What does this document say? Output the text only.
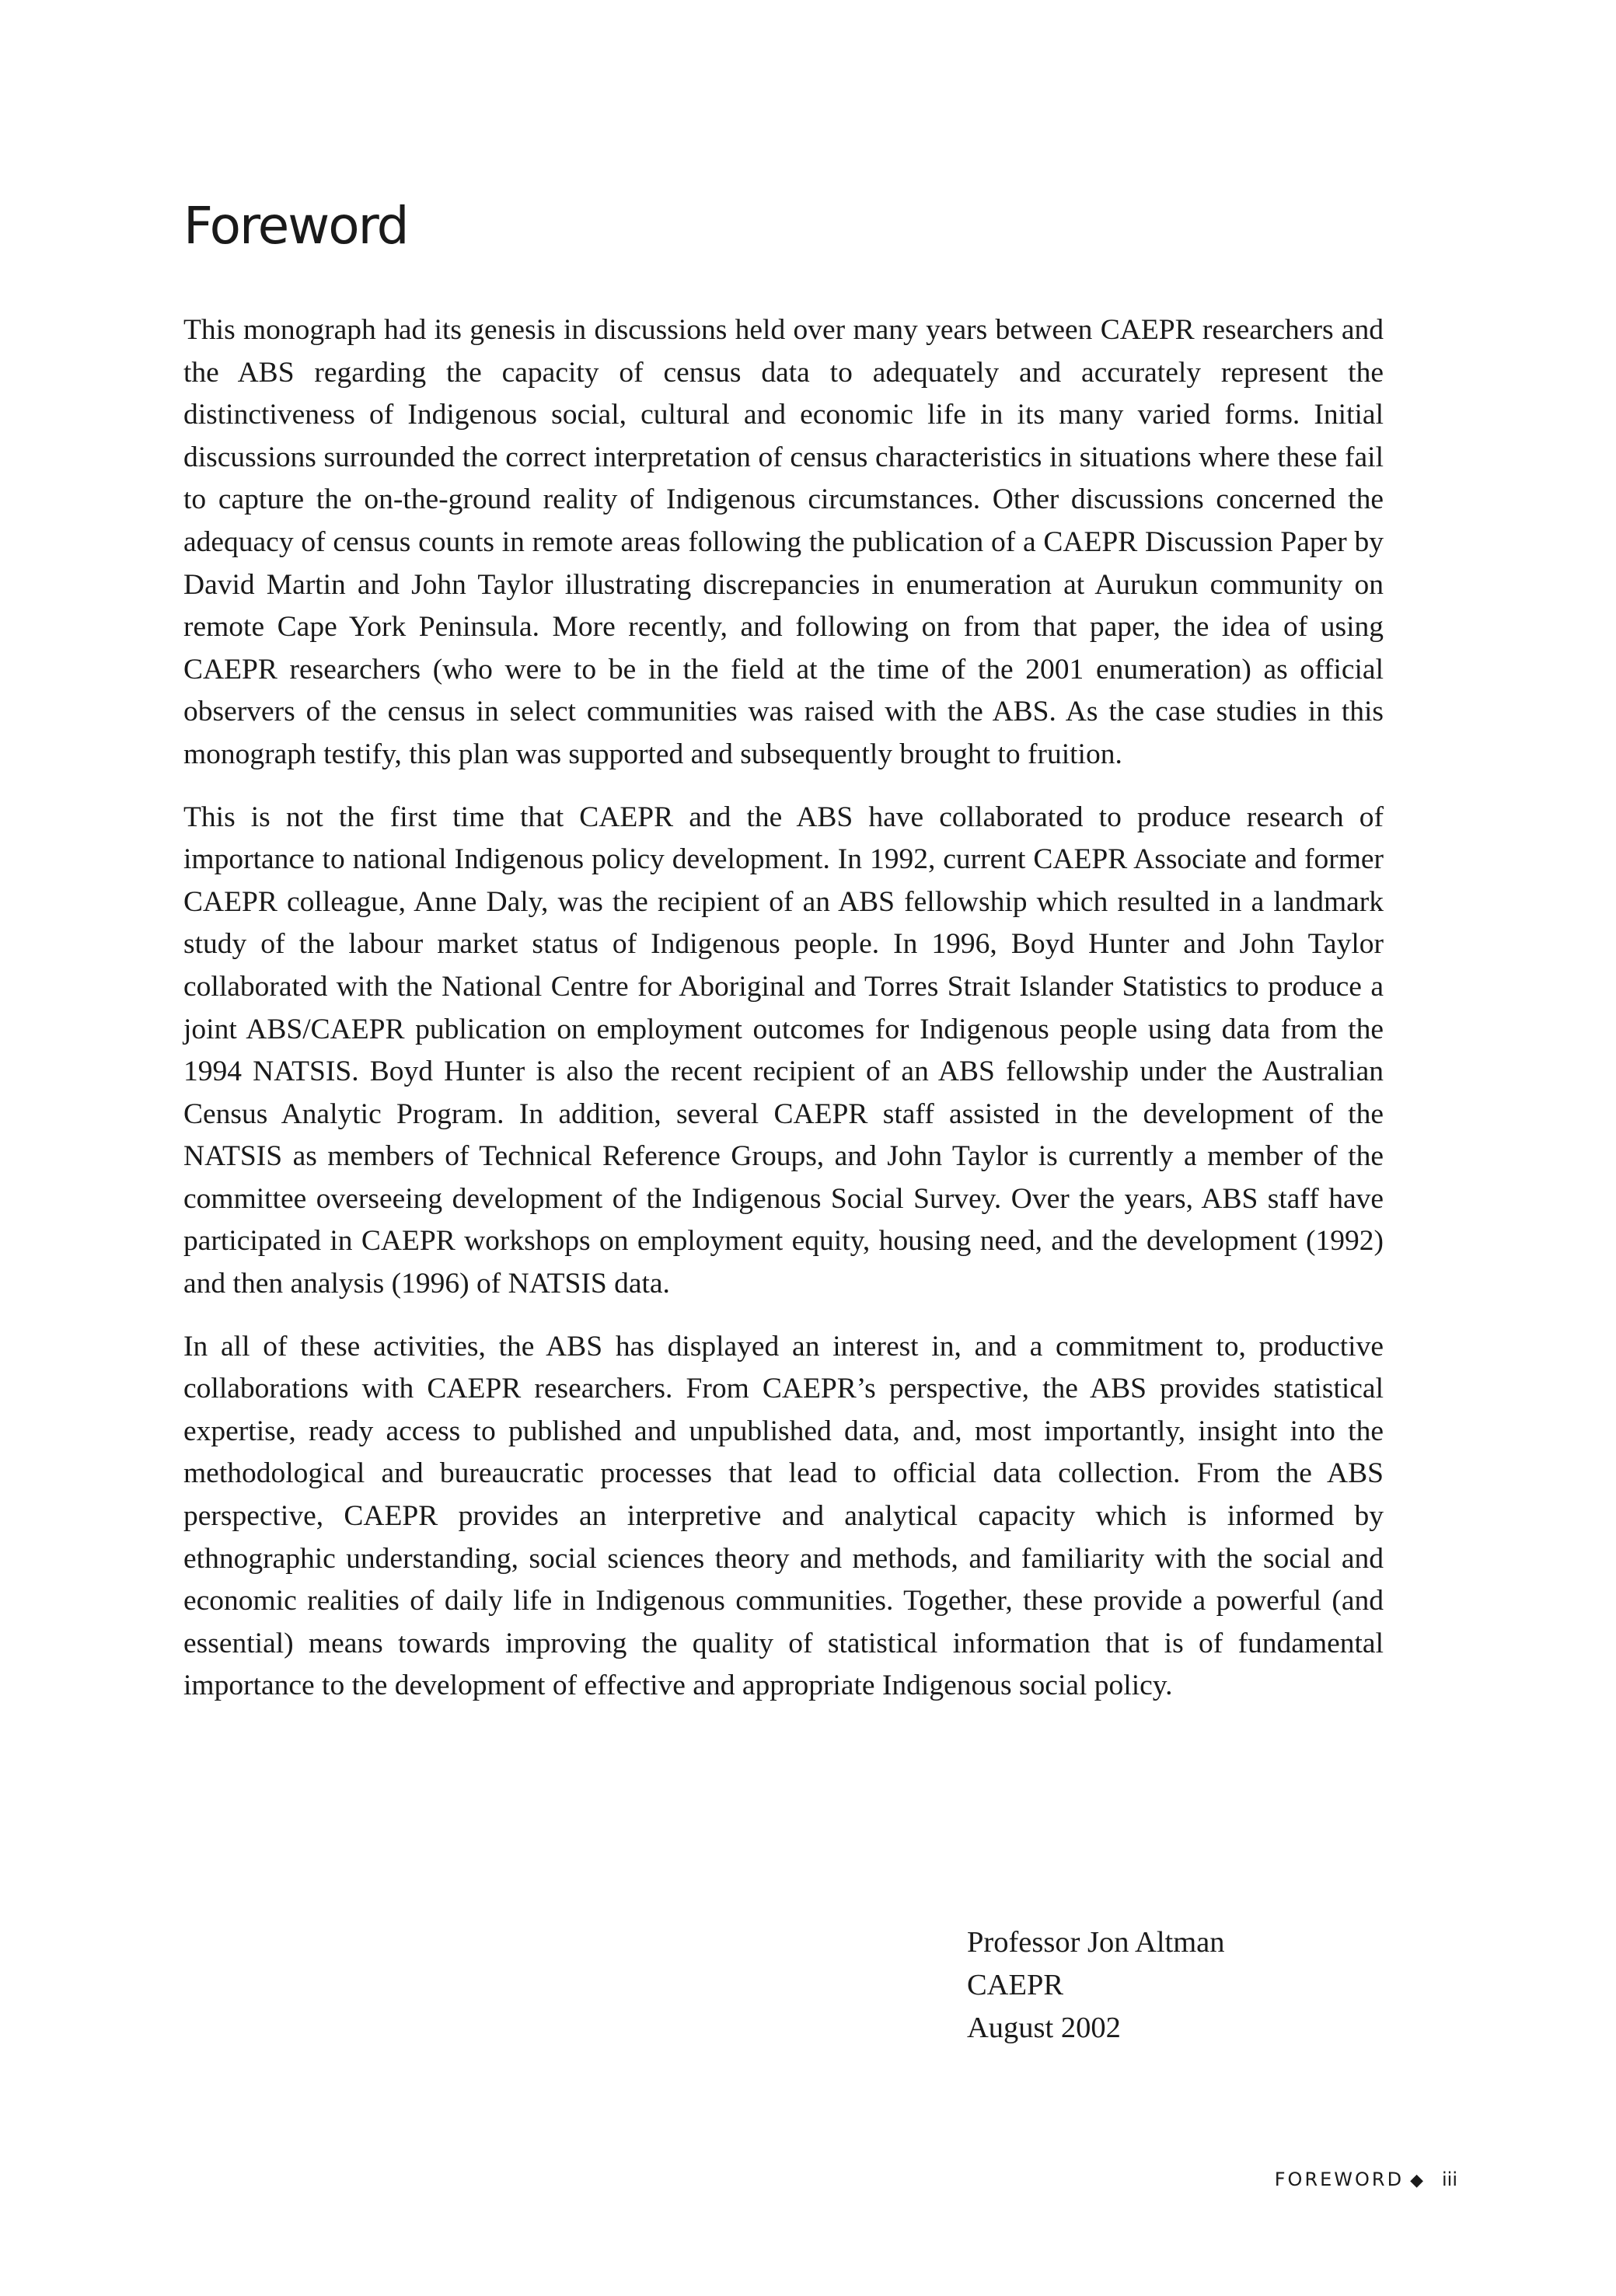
Foreword

This monograph had its genesis in discussions held over many years between CAEPR researchers and the ABS regarding the capacity of census data to adequately and accurately represent the distinctiveness of Indigenous social, cultural and economic life in its many varied forms. Initial discussions surrounded the correct interpretation of census characteristics in situations where these fail to capture the on-the-ground reality of Indigenous circumstances. Other discussions concerned the adequacy of census counts in remote areas following the publication of a CAEPR Discussion Paper by David Martin and John Taylor illustrating discrepancies in enumeration at Aurukun community on remote Cape York Peninsula. More recently, and following on from that paper, the idea of using CAEPR researchers (who were to be in the field at the time of the 2001 enumeration) as official observers of the census in select communities was raised with the ABS. As the case studies in this monograph testify, this plan was supported and subsequently brought to fruition.

This is not the first time that CAEPR and the ABS have collaborated to produce research of importance to national Indigenous policy development. In 1992, current CAEPR Associate and former CAEPR colleague, Anne Daly, was the recipient of an ABS fellowship which resulted in a landmark study of the labour market status of Indigenous people. In 1996, Boyd Hunter and John Taylor collaborated with the National Centre for Aboriginal and Torres Strait Islander Statistics to produce a joint ABS/CAEPR publication on employment outcomes for Indigenous people using data from the 1994 NATSIS. Boyd Hunter is also the recent recipient of an ABS fellowship under the Australian Census Analytic Program. In addition, several CAEPR staff assisted in the development of the NATSIS as members of Technical Reference Groups, and John Taylor is currently a member of the committee overseeing development of the Indigenous Social Survey. Over the years, ABS staff have participated in CAEPR workshops on employment equity, housing need, and the development (1992) and then analysis (1996) of NATSIS data.

In all of these activities, the ABS has displayed an interest in, and a commitment to, productive collaborations with CAEPR researchers. From CAEPR’s perspective, the ABS provides statistical expertise, ready access to published and unpublished data, and, most importantly, insight into the methodological and bureaucratic processes that lead to official data collection. From the ABS perspective, CAEPR provides an interpretive and analytical capacity which is informed by ethnographic understanding, social sciences theory and methods, and familiarity with the social and economic realities of daily life in Indigenous communities. Together, these provide a powerful (and essential) means towards improving the quality of statistical information that is of fundamental importance to the development of effective and appropriate Indigenous social policy.

Professor Jon Altman
CAEPR
August 2002
FOREWORD ◆ iii
